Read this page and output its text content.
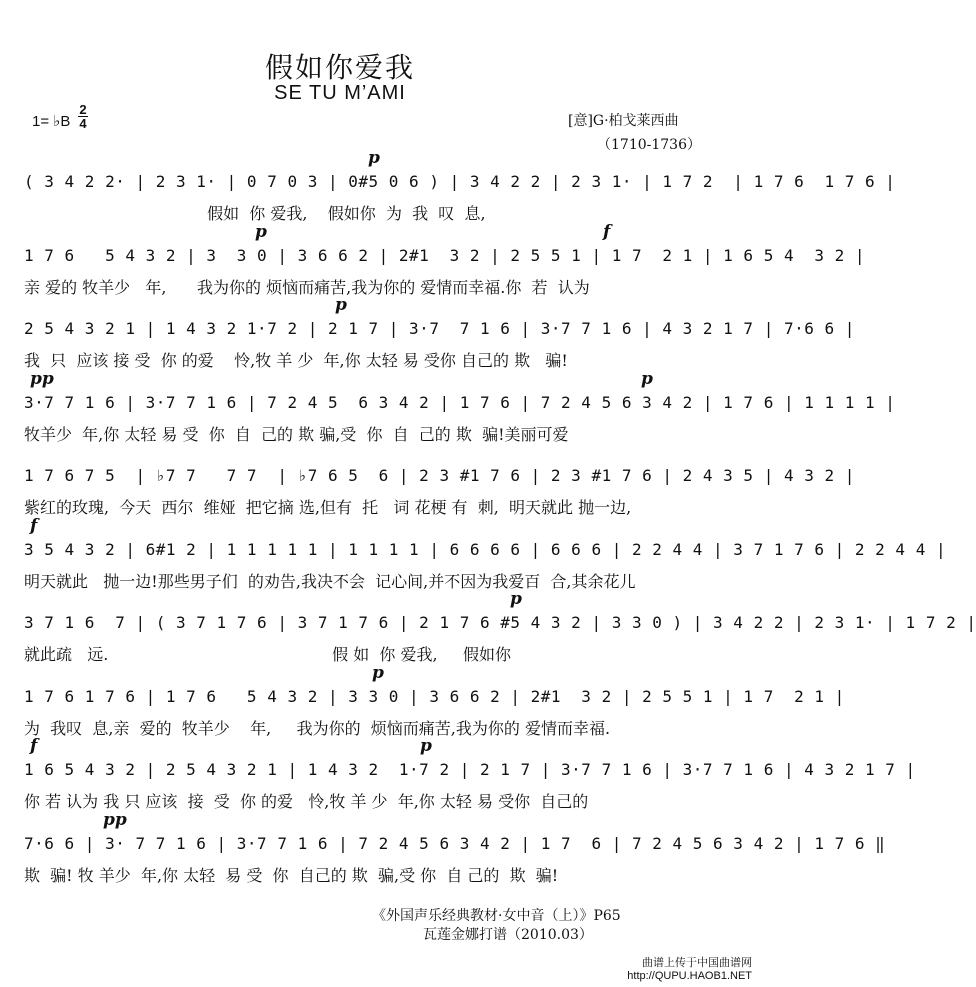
假如你爱我
SE TU M’AMI
1= ♭B
2
4	[意]G·柏戈莱西曲
（1710-1736）
( 3 4 2 2· | 2 3 1· | 0 7 0 3 | 0#5 0 6 ) | 3 4 2 2 | 2 3 1· | 1 7 2  | 1 7 6  1 7 6 |
假如  你 爱我,    假如你  为  我  叹  息,
p
1 7 6   5 4 3 2 | 3  3 0 | 3 6 6 2 | 2#1  3 2 | 2 5 5 1 | 1 7  2 1 | 1 6 5 4  3 2 |
亲 爱的 牧羊少   年,      我为你的 烦恼而痛苦,我为你的 爱情而幸福.你  若  认为
p	f
2 5 4 3 2 1 | 1 4 3 2 1·7 2 | 2 1 7 | 3·7  7 1 6 | 3·7 7 1 6 | 4 3 2 1 7 | 7·6 6 |
我  只  应该 接 受  你 的爱    怜,牧 羊 少  年,你 太轻 易 受你 自己的 欺   骗!
p
3·7 7 1 6 | 3·7 7 1 6 | 7 2 4 5  6 3 4 2 | 1 7 6 | 7 2 4 5 6 3 4 2 | 1 7 6 | 1 1 1 1 |
牧羊少  年,你 太轻 易 受  你  自  己的 欺 骗,受  你  自  己的 欺  骗!美丽可爱
pp	p
1 7 6 7 5  | ♭7 7   7 7  | ♭7 6 5  6 | 2 3 #1 7 6 | 2 3 #1 7 6 | 2 4 3 5 | 4 3 2 |
紫红的玫瑰,  今天  西尔  维娅  把它摘 选,但有  托   词 花梗 有  刺,  明天就此 抛一边,
3 5 4 3 2 | 6#1 2 | 1 1 1 1 1 | 1 1 1 1 | 6 6 6 6 | 6 6 6 | 2 2 4 4 | 3 7 1 7 6 | 2 2 4 4 |
明天就此   抛一边!那些男子们  的劝告,我决不会  记心间,并不因为我爱百  合,其余花儿
f
3 7 1 6  7 | ( 3 7 1 7 6 | 3 7 1 7 6 | 2 1 7 6 #5 4 3 2 | 3 3 0 ) | 3 4 2 2 | 2 3 1· | 1 7 2 |
就此疏   远.                                            假 如  你 爱我,     假如你
p
1 7 6 1 7 6 | 1 7 6   5 4 3 2 | 3 3 0 | 3 6 6 2 | 2#1  3 2 | 2 5 5 1 | 1 7  2 1 |
为  我叹  息,亲  爱的  牧羊少    年,     我为你的  烦恼而痛苦,我为你的 爱情而幸福.
p
1 6 5 4 3 2 | 2 5 4 3 2 1 | 1 4 3 2  1·7 2 | 2 1 7 | 3·7 7 1 6 | 3·7 7 1 6 | 4 3 2 1 7 |
你 若 认为 我 只 应该  接  受  你 的爱   怜,牧 羊 少  年,你 太轻 易 受你  自己的
f	p
7·6 6 | 3· 7 7 1 6 | 3·7 7 1 6 | 7 2 4 5 6 3 4 2 | 1 7  6 | 7 2 4 5 6 3 4 2 | 1 7 6 ‖
欺  骗! 牧 羊少  年,你 太轻  易 受  你  自己的 欺  骗,受 你  自 己的  欺  骗!
pp
《外国声乐经典教材·女中音（上）》P65
瓦莲金娜打谱（2010.03）
曲谱上传于中国曲谱网
http://QUPU.HAOB1.NET
